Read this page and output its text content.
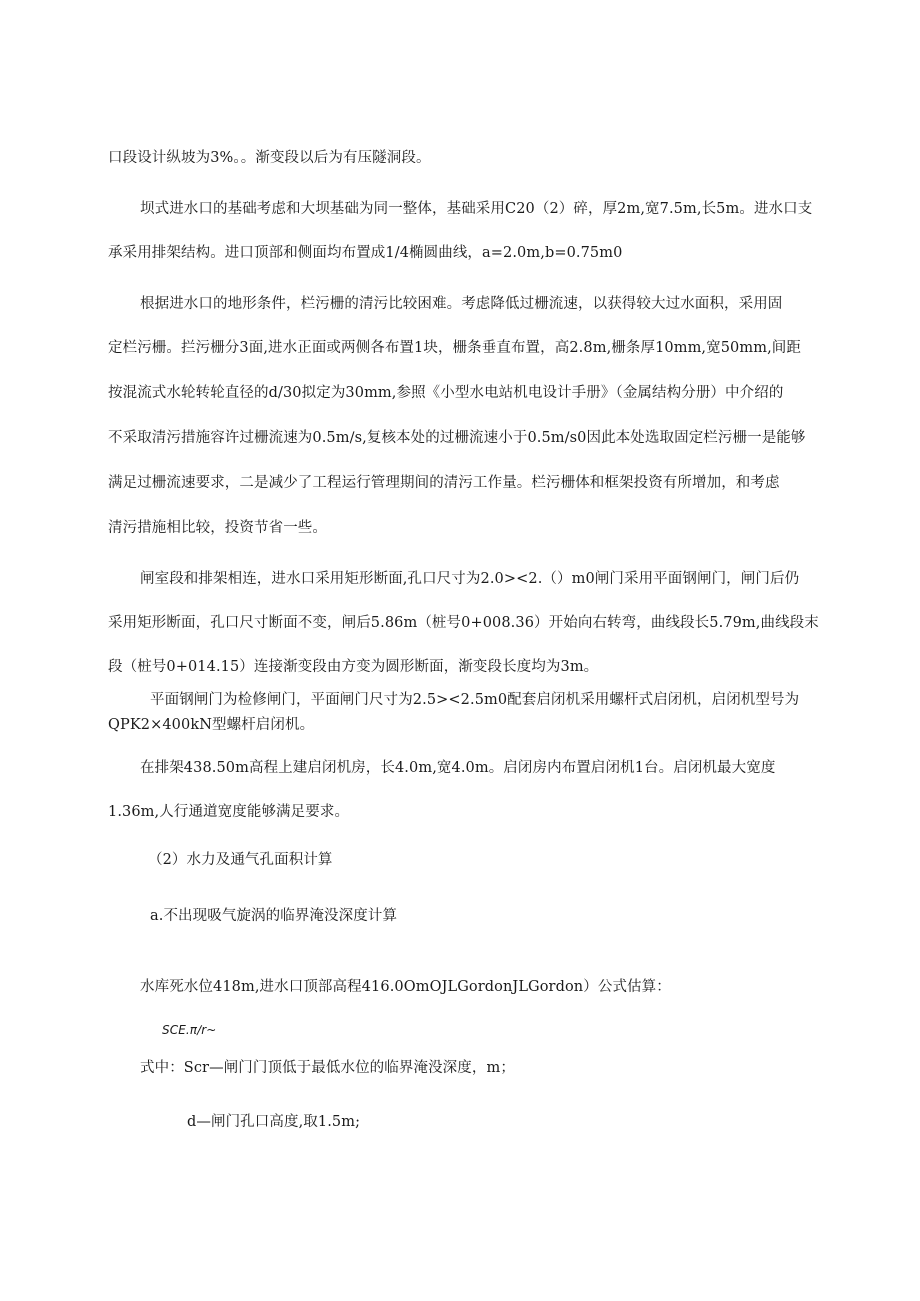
口段设计纵坡为3%。。渐变段以后为有压隧洞段。
坝式进水口的基础考虑和大坝基础为同一整体，基础采用C20（2）碎，厚2m,宽7.5m,长5m。进水口支
承采用排架结构。进口顶部和侧面均布置成1/4椭圆曲线，a=2.0m,b=0.75m0
根据进水口的地形条件，栏污栅的清污比较困难。考虑降低过栅流速，以获得较大过水面积，采用固
定栏污栅。拦污栅分3面,进水正面或两侧各布置1块，栅条垂直布置，高2.8m,栅条厚10mm,宽50mm,间距
按混流式水轮转轮直径的d/30拟定为30mm,参照《小型水电站机电设计手册》（金属结构分册）中介绍的
不采取清污措施容许过栅流速为0.5m∕s,复核本处的过栅流速小于0.5m∕s0因此本处选取固定栏污栅一是能够
满足过栅流速要求，二是减少了工程运行管理期间的清污工作量。栏污栅体和框架投资有所增加，和考虑
清污措施相比较，投资节省一些。
闸室段和排架相连，进水口采用矩形断面,孔口尺寸为2.0><2.（）m0闸门采用平面钢闸门，闸门后仍
采用矩形断面，孔口尺寸断面不变，闸后5.86m（桩号0+008.36）开始向右转弯，曲线段长5.79m,曲线段末
段（桩号0+014.15）连接渐变段由方变为圆形断面，渐变段长度均为3m。
平面钢闸门为检修闸门，平面闸门尺寸为2.5><2.5m0配套启闭机采用螺杆式启闭机，启闭机型号为
QPK2×400kN型螺杆启闭机。
在排架438.50m高程上建启闭机房，长4.0m,宽4.0m。启闭房内布置启闭机1台。启闭机最大宽度
1.36m,人行通道宽度能够满足要求。
（2）水力及通气孔面积计算
a.不出现吸气旋涡的临界淹没深度计算
水库死水位418m,进水口顶部高程416.0OmOJLGordonJLGordon）公式估算：
SCE.π∕r~
式中：Scr—闸门门顶低于最低水位的临界淹没深度，m；
d—闸门孔口高度,取1.5m;
